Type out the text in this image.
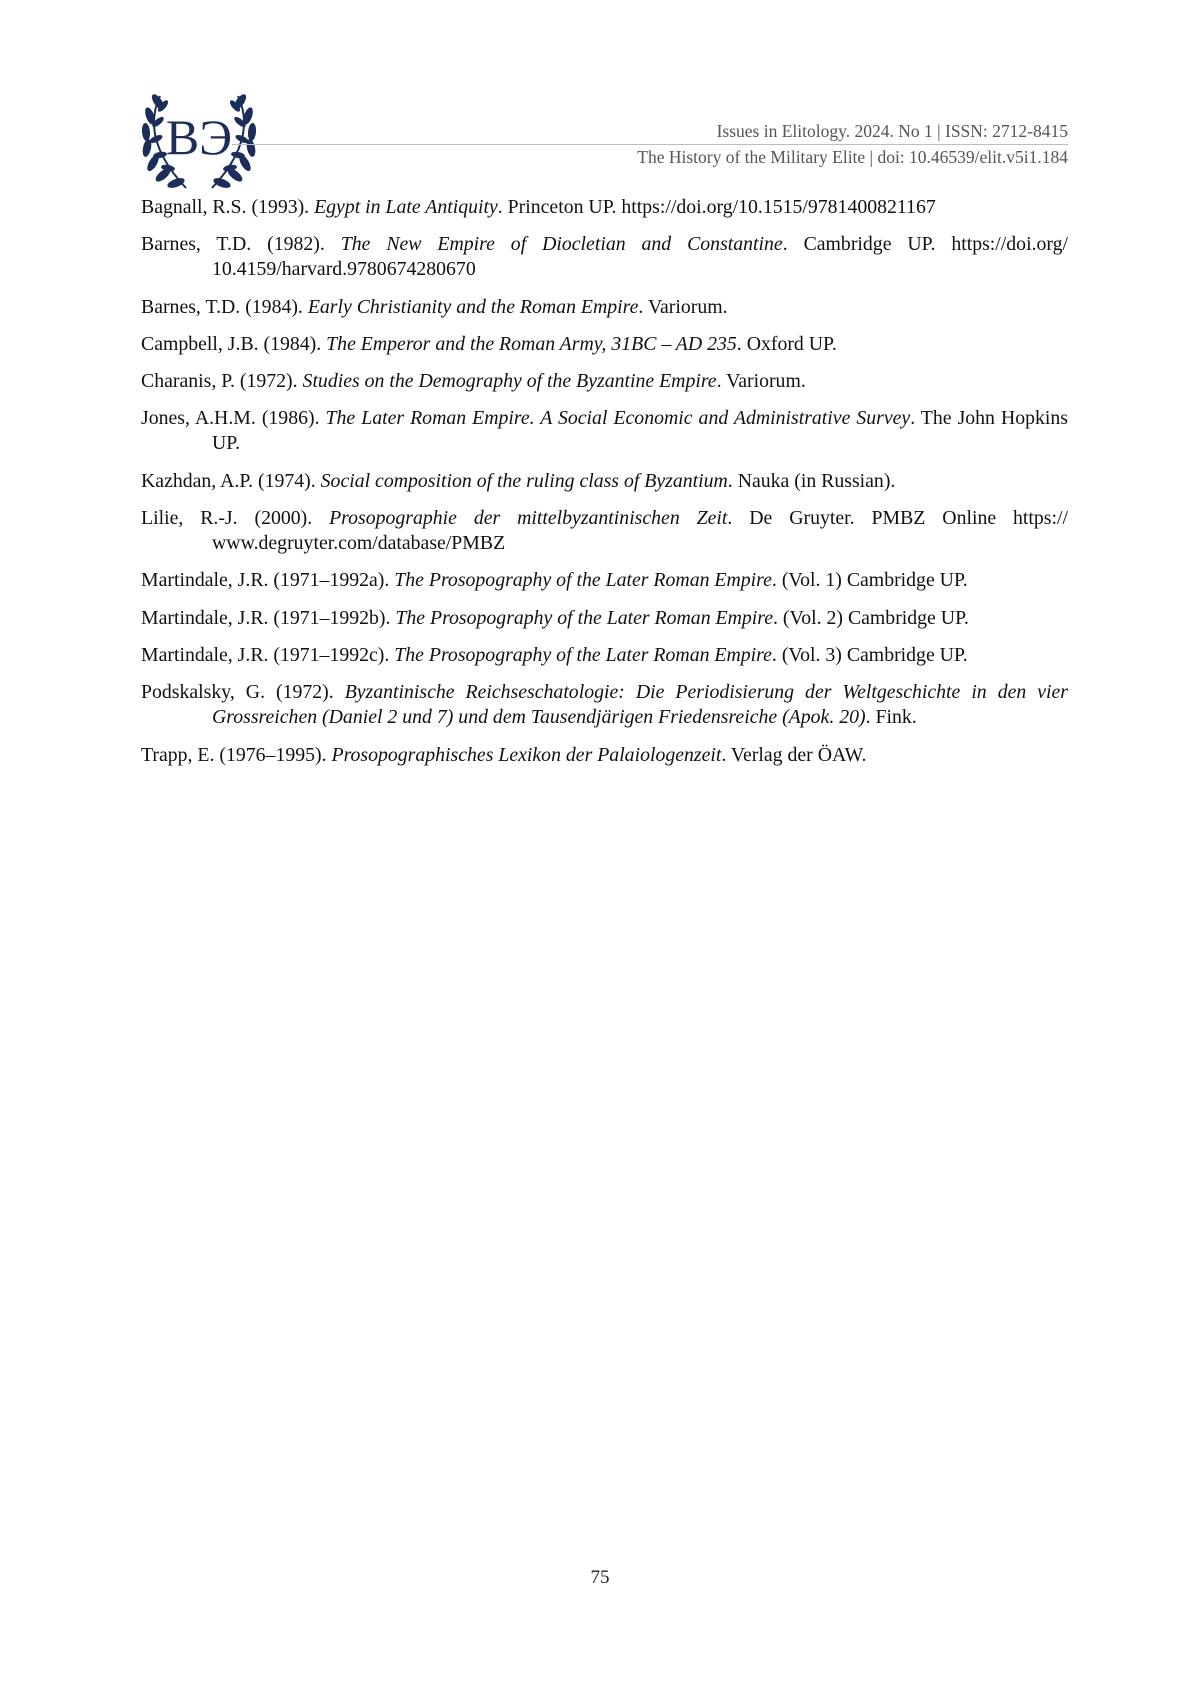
ВЭ	Issues in Elitology. 2024. No 1 | ISSN: 2712-8415
The History of the Military Elite | doi: 10.46539/elit.v5i1.184

Bagnall, R.S. (1993). Egypt in Late Antiquity. Princeton UP. https://doi.org/10.1515/9781400821167

Barnes, T.D. (1982). The New Empire of Diocletian and Constantine. Cambridge UP. https://doi.org/ 10.4159/harvard.9780674280670

Barnes, T.D. (1984). Early Christianity and the Roman Empire. Variorum.

Campbell, J.B. (1984). The Emperor and the Roman Army, 31BC – AD 235. Oxford UP.

Charanis, P. (1972). Studies on the Demography of the Byzantine Empire. Variorum.

Jones, A.H.M. (1986). The Later Roman Empire. A Social Economic and Administrative Survey. The John Hopkins UP.

Kazhdan, A.P. (1974). Social composition of the ruling class of Byzantium. Nauka (in Russian).

Lilie, R.-J. (2000). Prosopographie der mittelbyzantinischen Zeit. De Gruyter. PMBZ Online https:// www.degruyter.com/database/PMBZ

Martindale, J.R. (1971–1992a). The Prosopography of the Later Roman Empire. (Vol. 1) Cambridge UP.

Martindale, J.R. (1971–1992b). The Prosopography of the Later Roman Empire. (Vol. 2) Cambridge UP.

Martindale, J.R. (1971–1992c). The Prosopography of the Later Roman Empire. (Vol. 3) Cambridge UP.

Podskalsky, G. (1972). Byzantinische Reichseschatologie: Die Periodisierung der Weltgeschichte in den vier Grossreichen (Daniel 2 und 7) und dem Tausendjärigen Friedensreiche (Apok. 20). Fink.

Trapp, E. (1976–1995). Prosopographisches Lexikon der Palaiologenzeit. Verlag der ÖAW.

75
